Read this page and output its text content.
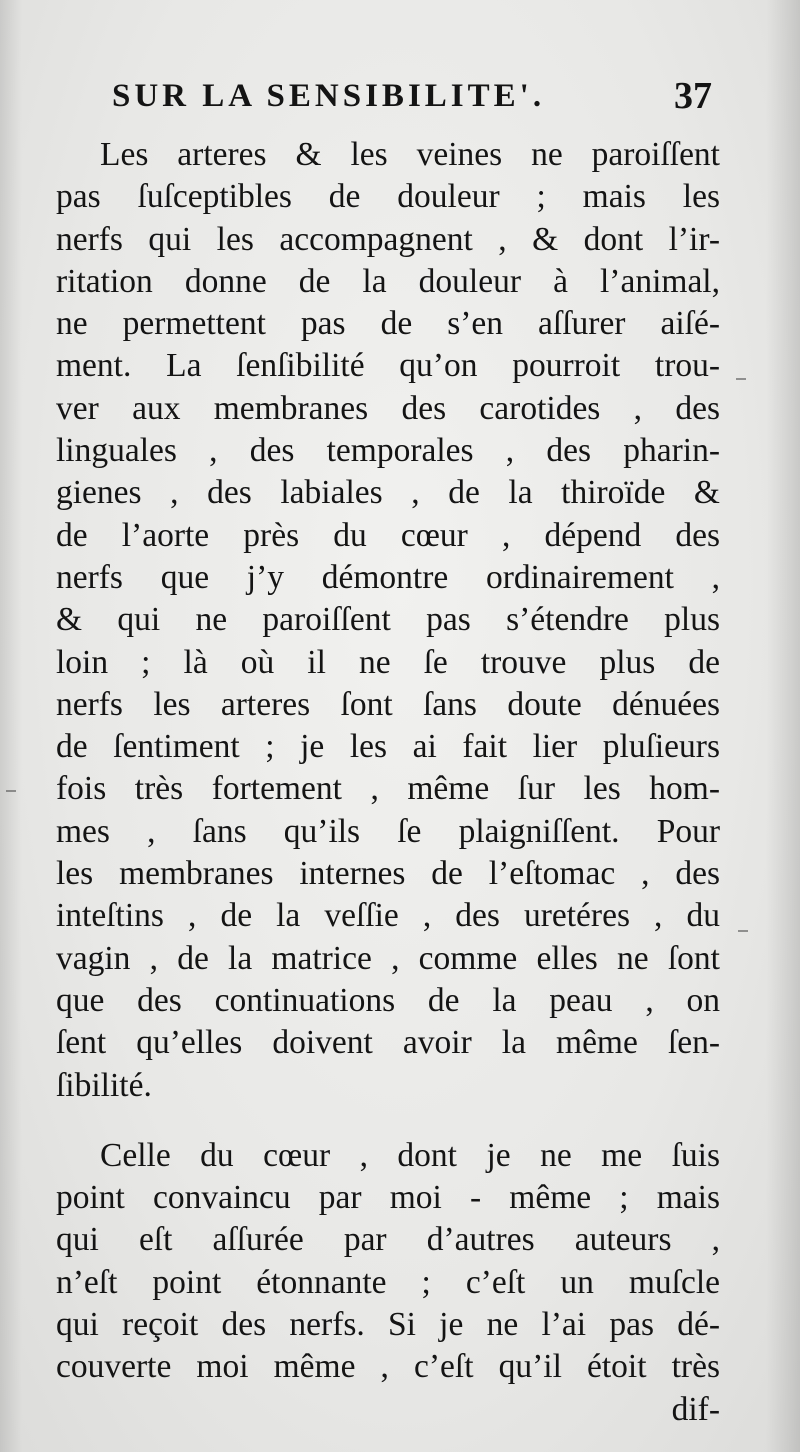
SUR LA SENSIBILITE'.	37
Les arteres & les veines ne paroiſſent
pas ſuſceptibles de douleur ; mais les
nerfs qui les accompagnent , & dont l’ir-
ritation donne de la douleur à l’animal,
ne permettent pas de s’en aſſurer aiſé-
ment. La ſenſibilité qu’on pourroit trou-
ver aux membranes des carotides , des
linguales , des temporales , des pharin-
gienes , des labiales , de la thiroïde &
de l’aorte près du cœur , dépend des
nerfs que j’y démontre ordinairement ,
& qui ne paroiſſent pas s’étendre plus
loin ; là où il ne ſe trouve plus de
nerfs les arteres ſont ſans doute dénuées
de ſentiment ; je les ai fait lier pluſieurs
fois très fortement , même ſur les hom-
mes , ſans qu’ils ſe plaigniſſent. Pour
les membranes internes de l’eſtomac , des
inteſtins , de la veſſie , des uretéres , du
vagin , de la matrice , comme elles ne ſont
que des continuations de la peau , on
ſent qu’elles doivent avoir la même ſen-
ſibilité.
Celle du cœur , dont je ne me ſuis
point convaincu par moi - même ; mais
qui eſt aſſurée par d’autres auteurs ,
n’eſt point étonnante ; c’eſt un muſcle
qui reçoit des nerfs. Si je ne l’ai pas dé-
couverte moi même , c’eſt qu’il étoit très
dif-
